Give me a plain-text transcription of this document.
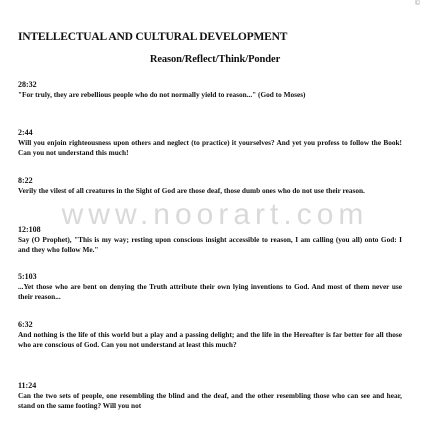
©
INTELLECTUAL AND CULTURAL DEVELOPMENT
Reason/Reflect/Think/Ponder
28:32
"For truly, they are rebellious people who do not normally yield to reason..." (God to Moses)
2:44
Will you enjoin righteousness upon others and neglect (to practice) it yourselves? And yet you profess to follow the Book! Can you not understand this much!
8:22
Verily the vilest of all creatures in the Sight of God are those deaf, those dumb ones who do not use their reason.
12:108
Say (O Prophet), "This is my way; resting upon conscious insight accessible to reason, I am calling (you all) onto God: I and they who follow Me."
5:103
...Yet those who are bent on denying the Truth attribute their own lying inventions to God. And most of them never use their reason...
6:32
And nothing is the life of this world but a play and a passing delight; and the life in the Hereafter is far better for all those who are conscious of God. Can you not understand at least this much?
11:24
Can the two sets of people, one resembling the blind and the deaf, and the other resembling those who can see and hear, stand on the same footing? Will you not
www.noorart.com
